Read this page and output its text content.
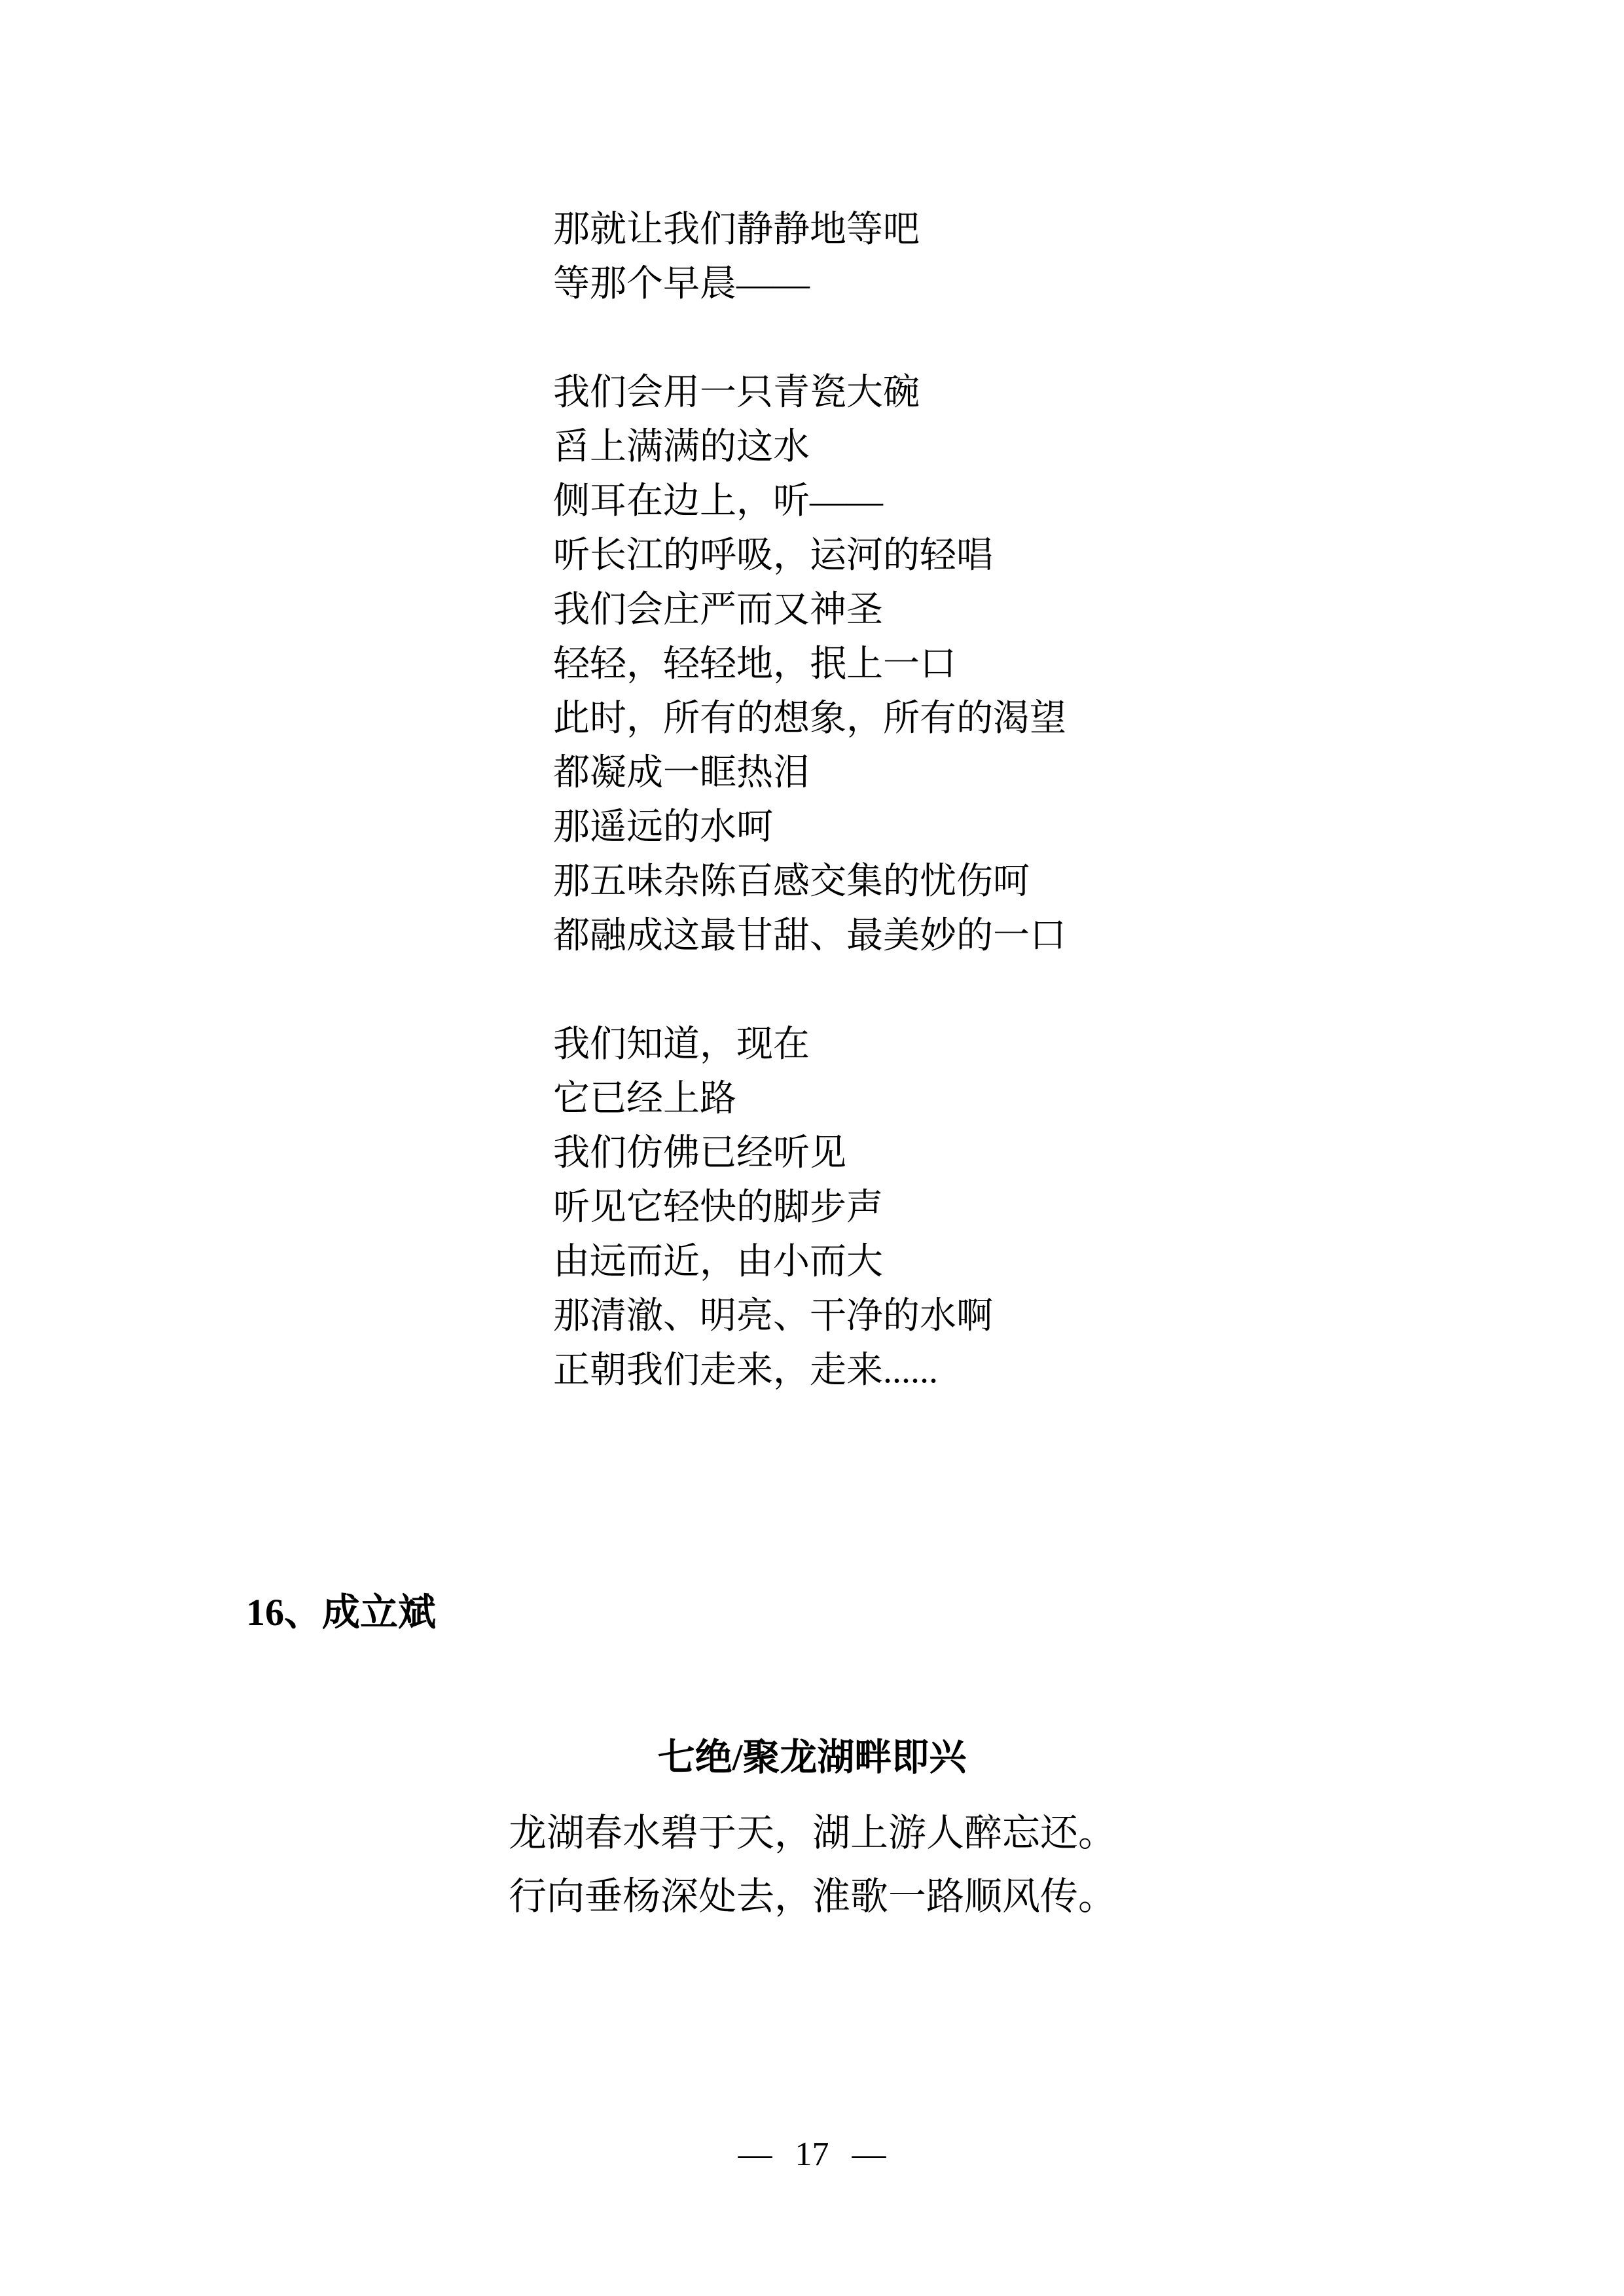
那就让我们静静地等吧
等那个早晨——
我们会用一只青瓷大碗
舀上满满的这水
侧耳在边上，听——
听长江的呼吸，运河的轻唱
我们会庄严而又神圣
轻轻，轻轻地，抿上一口
此时，所有的想象，所有的渴望
都凝成一眶热泪
那遥远的水呵
那五味杂陈百感交集的忧伤呵
都融成这最甘甜、最美妙的一口
我们知道，现在
它已经上路
我们仿佛已经听见
听见它轻快的脚步声
由远而近，由小而大
那清澈、明亮、干净的水啊
正朝我们走来，走来......
16、成立斌
七绝/聚龙湖畔即兴
龙湖春水碧于天，湖上游人醉忘还。
行向垂杨深处去，淮歌一路顺风传。
— 17 —
